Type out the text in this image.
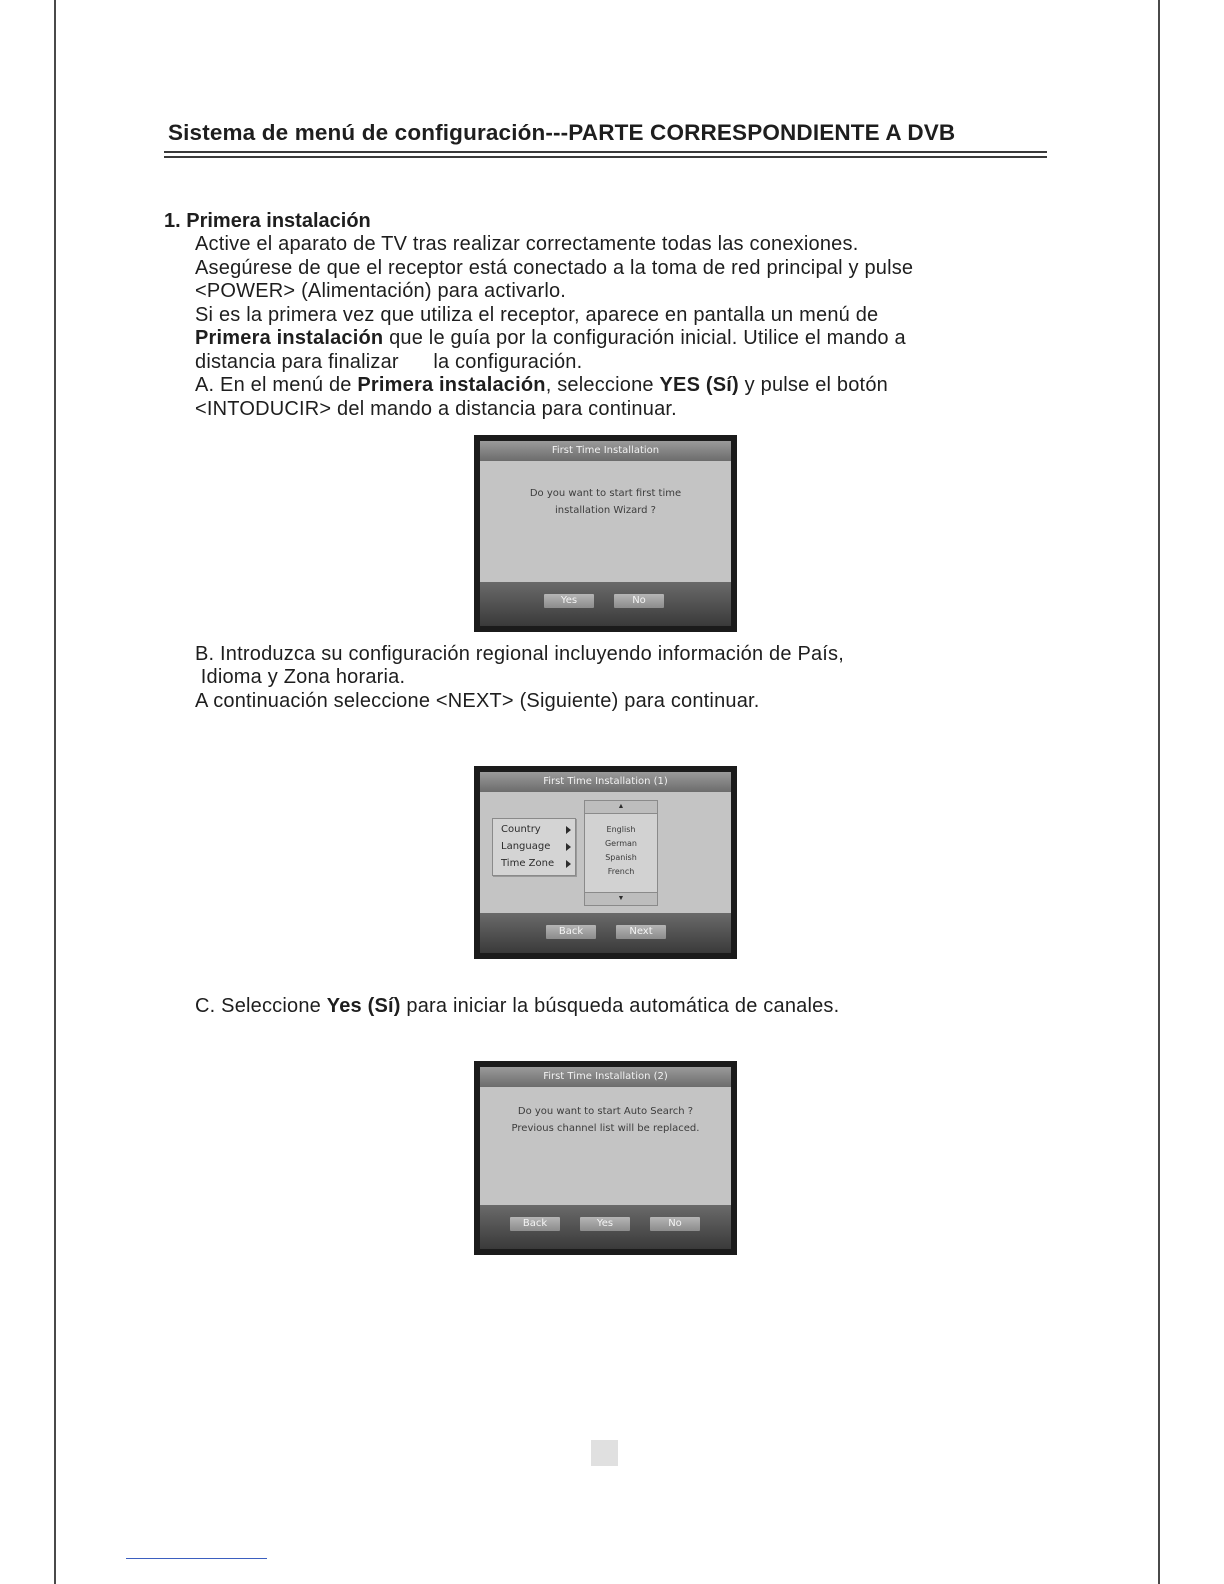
Sistema de menú de configuración---PARTE CORRESPONDIENTE A DVB
1. Primera instalación
Active el aparato de TV tras realizar correctamente todas las conexiones.
Asegúrese de que el receptor está conectado a la toma de red principal y pulse
<POWER> (Alimentación) para activarlo.
Si es la primera vez que utiliza el receptor, aparece en pantalla un menú de
Primera instalación que le guía por la configuración inicial. Utilice el mando a
distancia para finalizar      la configuración.
A. En el menú de Primera instalación, seleccione YES (Sí) y pulse el botón
<INTODUCIR> del mando a distancia para continuar.
First Time Installation
Do you want to start first time
installation Wizard ?
Yes	No
B. Introduzca su configuración regional incluyendo información de País,
Idioma y Zona horaria.
A continuación seleccione <NEXT> (Siguiente) para continuar.
First Time Installation (1)
Country
Language
Time Zone
▲
English
German
Spanish
French
▼
Back	Next
C. Seleccione Yes (Sí) para iniciar la búsqueda automática de canales.
First Time Installation (2)
Do you want to start Auto Search ?
Previous channel list will be replaced.
Back	Yes	No
